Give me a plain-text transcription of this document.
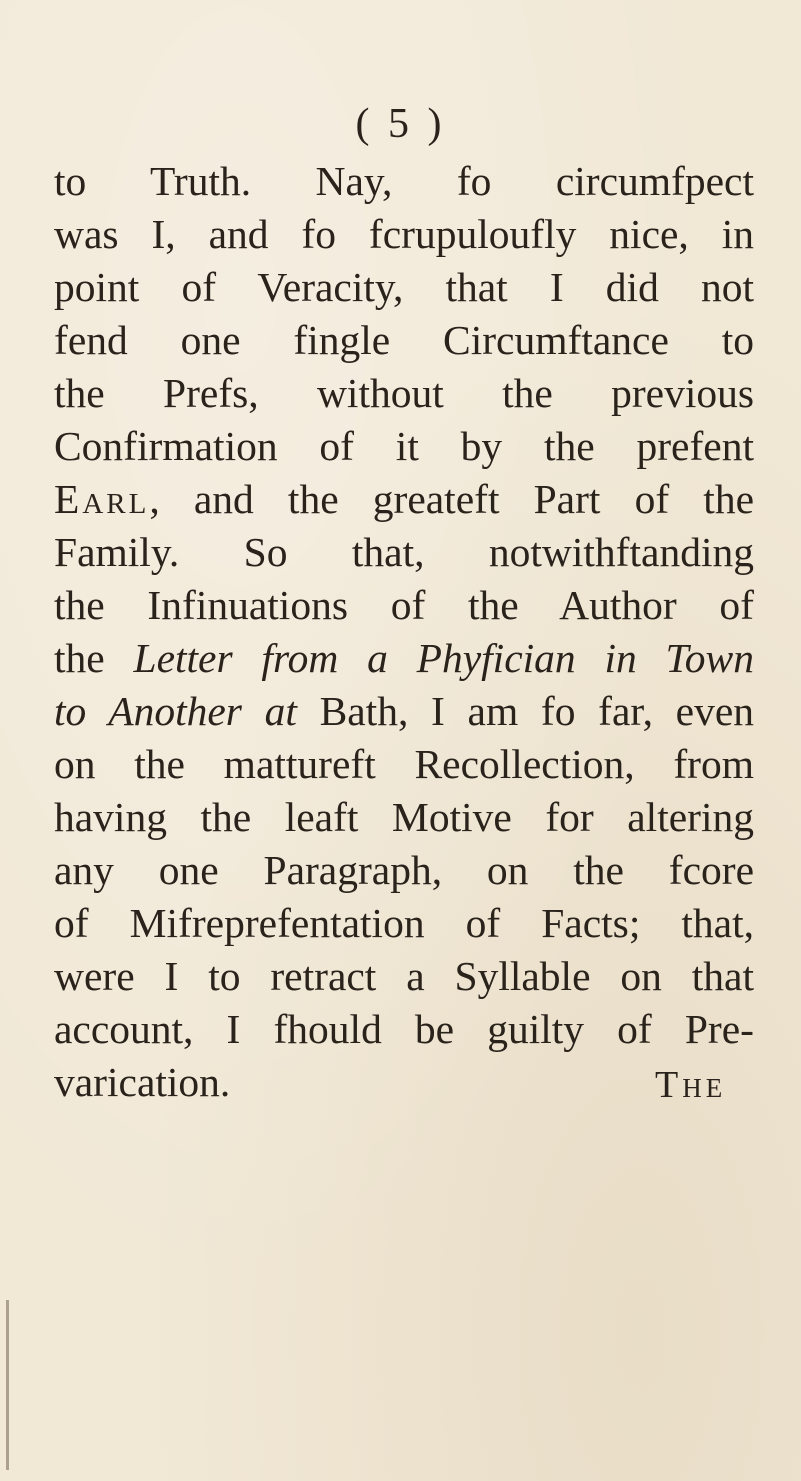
( 5 )
to Truth. Nay, fo circumfpect
was I, and fo fcrupuloufly nice, in
point of Veracity, that I did not
fend one fingle Circumftance to
the Prefs, without the previous
Confirmation of it by the prefent
Earl, and the greateft Part of the
Family. So that, notwithftanding
the Infinuations of the Author of
the Letter from a Phyfician in Town
to Another at Bath, I am fo far, even
on the mattureft Recollection, from
having the leaft Motive for altering
any one Paragraph, on the fcore
of Mifreprefentation of Facts; that,
were I to retract a Syllable on that
account, I fhould be guilty of Pre-
varication.	The
